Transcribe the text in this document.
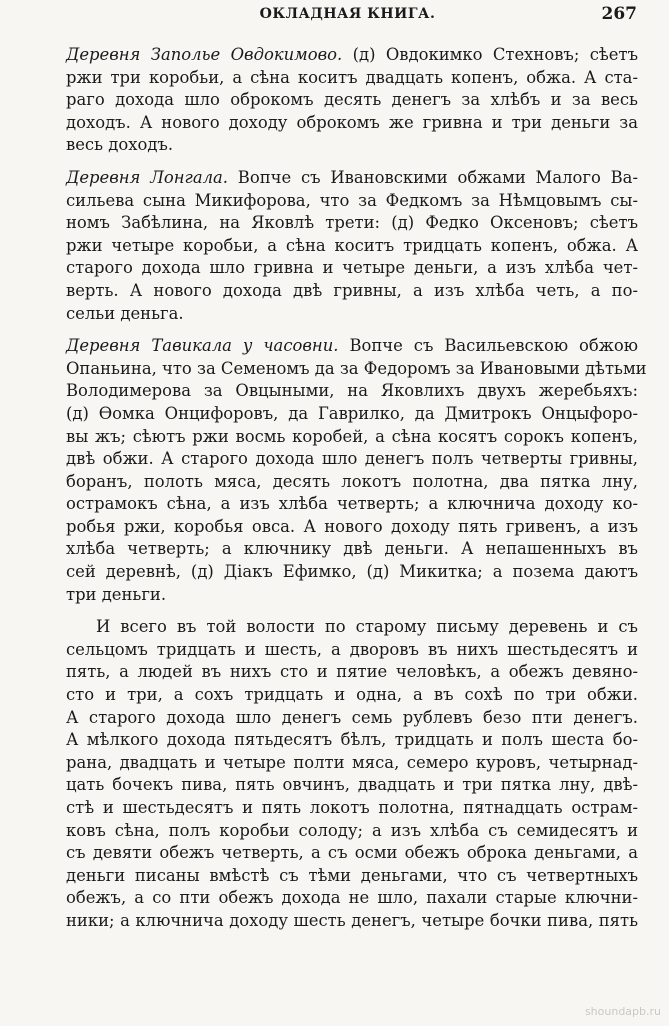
ОКЛАДНАЯ КНИГА.	267
Деревня Заполье Овдокимово. (д) Овдокимко Стехновъ; сѣетъ
ржи три коробьи, а сѣна коситъ двадцать копенъ, обжа. А ста-
раго дохода шло оброкомъ десять денегъ за хлѣбъ и за весь
доходъ. А нового доходу оброкомъ же гривна и три деньги за
весь доходъ.
Деревня Лонгала. Вопче съ Ивановскими обжами Малого Ва-
сильева сына Микифорова, что за Федкомъ за Нѣмцовымъ сы-
номъ Забѣлина, на Яковлѣ трети: (д) Федко Оксеновъ; сѣетъ
ржи четыре коробьи, а сѣна коситъ тридцать копенъ, обжа. А
старого дохода шло гривна и четыре деньги, а изъ хлѣба чет-
верть. А нового дохода двѣ гривны, а изъ хлѣба четь, а по-
сельи деньга.
Деревня Тавикала у часовни. Вопче съ Васильевскою обжою
Опаньина, что за Семеномъ да за Федоромъ за Ивановыми дѣтьми
Володимерова за Овцыными, на Яковлихъ двухъ жеребьяхъ:
(д) Ѳомка Онцифоровъ, да Гаврилко, да Дмитрокъ Онцыфоро-
вы жъ; сѣютъ ржи восмь коробей, а сѣна косятъ сорокъ копенъ,
двѣ обжи. А старого дохода шло денегъ полъ четверты гривны,
боранъ, полоть мяса, десять локотъ полотна, два пятка лну,
острамокъ сѣна, а изъ хлѣба четверть; а ключнича доходу ко-
робья ржи, коробья овса. А нового доходу пять гривенъ, а изъ
хлѣба четверть; а ключнику двѣ деньги. А непашенныхъ въ
сей деревнѣ, (д) Діакъ Ефимко, (д) Микитка; а позема даютъ
три деньги.
И всего въ той волости по старому письму деревень и съ
сельцомъ тридцать и шесть, а дворовъ въ нихъ шестьдесятъ и
пять, а людей въ нихъ сто и пятие человѣкъ, а обежъ девяно-
сто и три, а сохъ тридцать и одна, а въ сохѣ по три обжи.
А старого дохода шло денегъ семь рублевъ безо пти денегъ.
А мѣлкого дохода пятьдесятъ бѣлъ, тридцать и полъ шеста бо-
рана, двадцать и четыре полти мяса, семеро куровъ, четырнад-
цать бочекъ пива, пять овчинъ, двадцать и три пятка лну, двѣ-
стѣ и шестьдесятъ и пять локотъ полотна, пятнадцать острам-
ковъ сѣна, полъ коробьи солоду; а изъ хлѣба съ семидесятъ и
съ девяти обежъ четверть, а съ осми обежъ оброка деньгами, а
деньги писаны вмѣстѣ съ тѣми деньгами, что съ четвертныхъ
обежъ, а со пти обежъ дохода не шло, пахали старые ключни-
ники; а ключнича доходу шесть денегъ, четыре бочки пива, пять
shoundapb.ru
